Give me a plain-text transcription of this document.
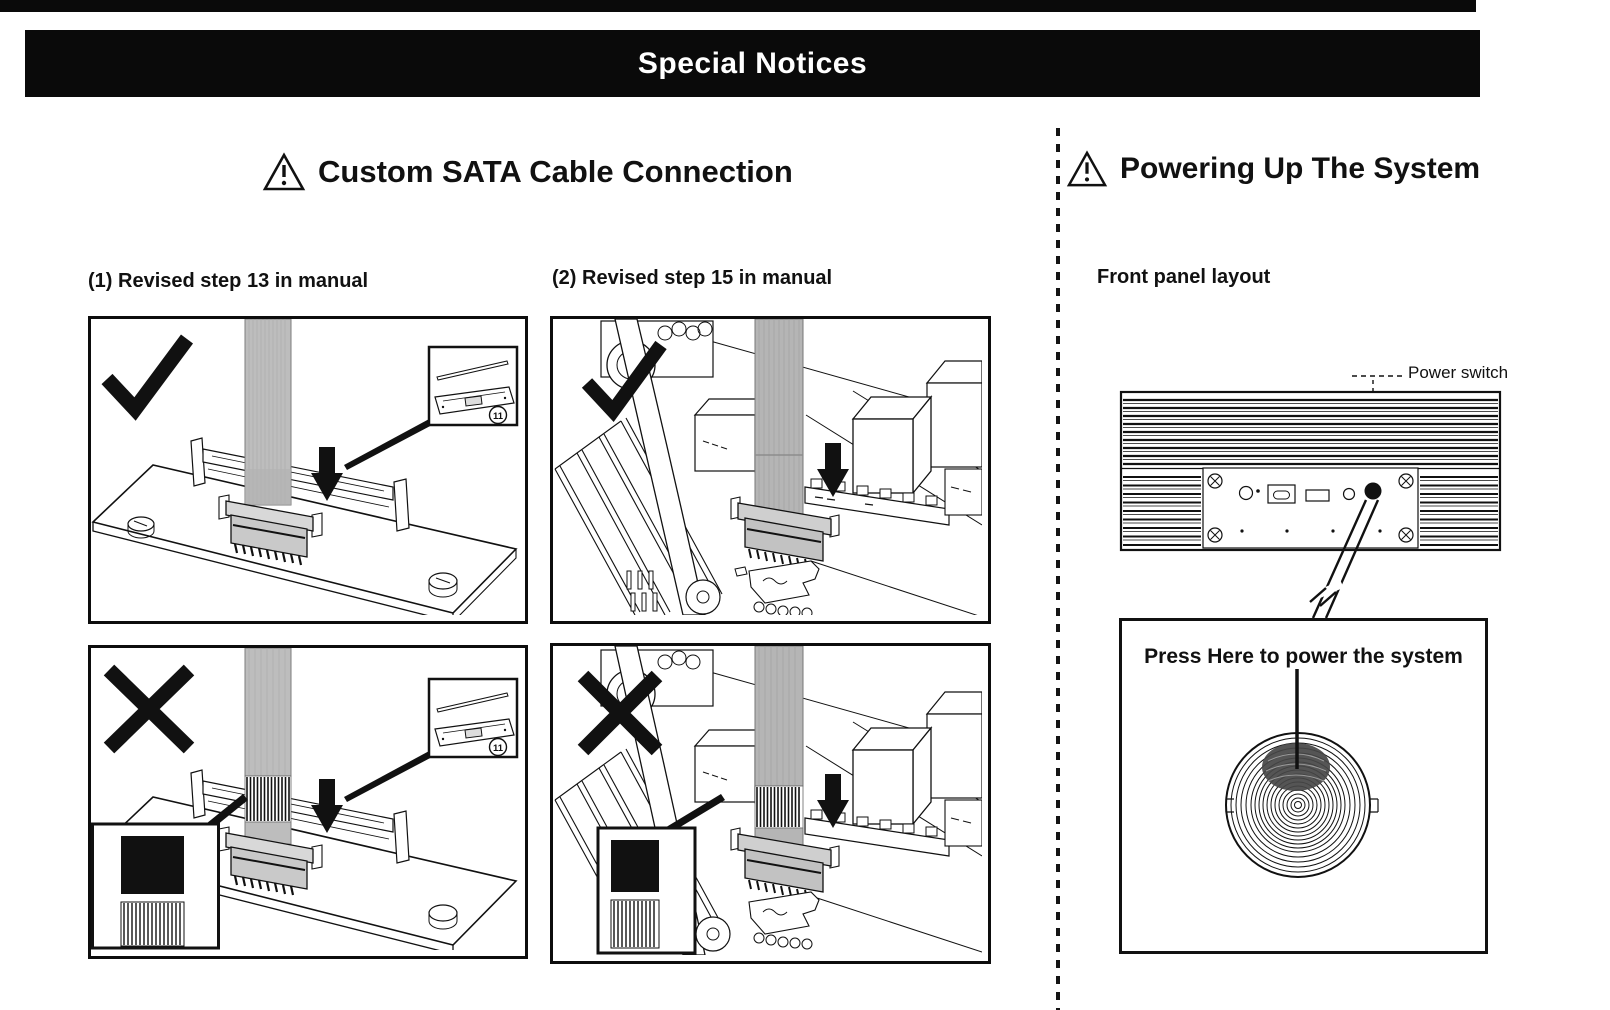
Special Notices
Custom SATA Cable Connection	Powering Up The System
(1) Revised step 13 in manual	(2) Revised step 15 in manual	Front panel layout
11
11
Power switch
Press Here to power the system
